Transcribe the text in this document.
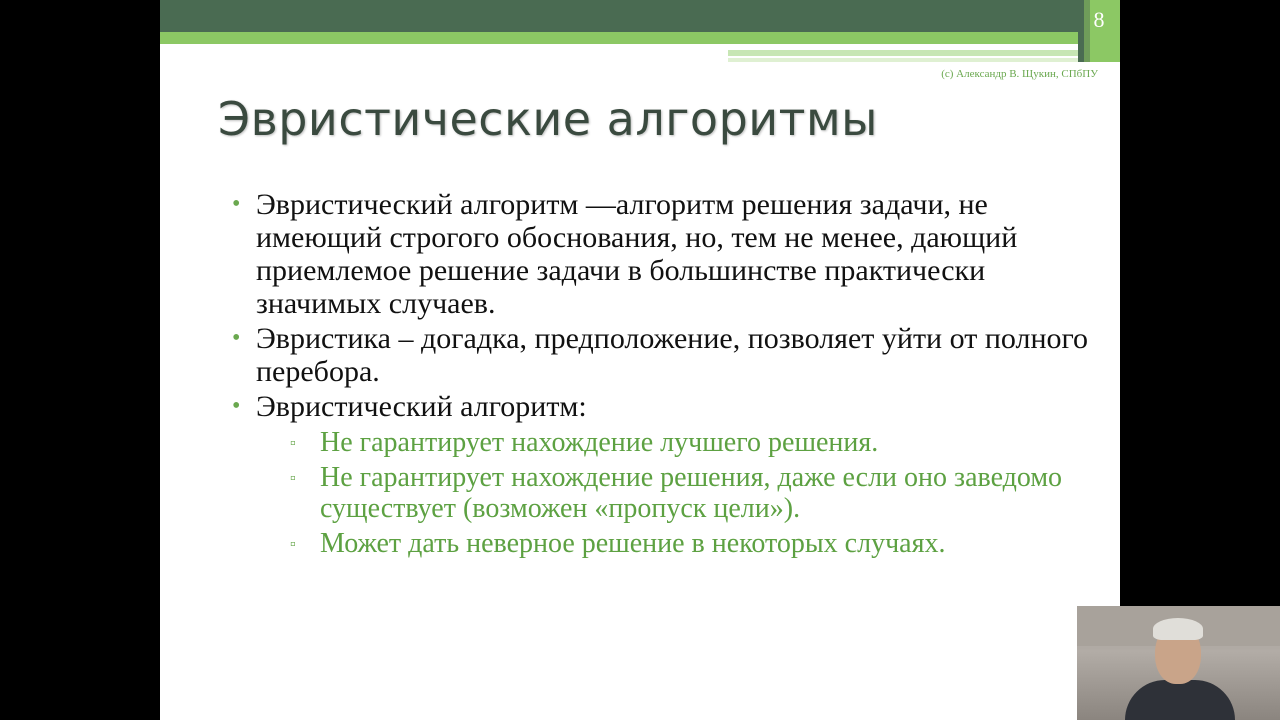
8
(c) Александр В. Щукин, СПбПУ
Эвристические алгоритмы
• Эвристический алгоритм —алгоритм решения задачи, не имеющий строгого обоснования, но, тем не менее, дающий приемлемое решение задачи в большинстве практически значимых случаев.
• Эвристика – догадка, предположение, позволяет уйти от полного перебора.
• Эвристический алгоритм:
▫ Не гарантирует нахождение лучшего решения.
▫ Не гарантирует нахождение решения, даже если оно заведомо существует (возможен «пропуск цели»).
▫ Может дать неверное решение в некоторых случаях.
